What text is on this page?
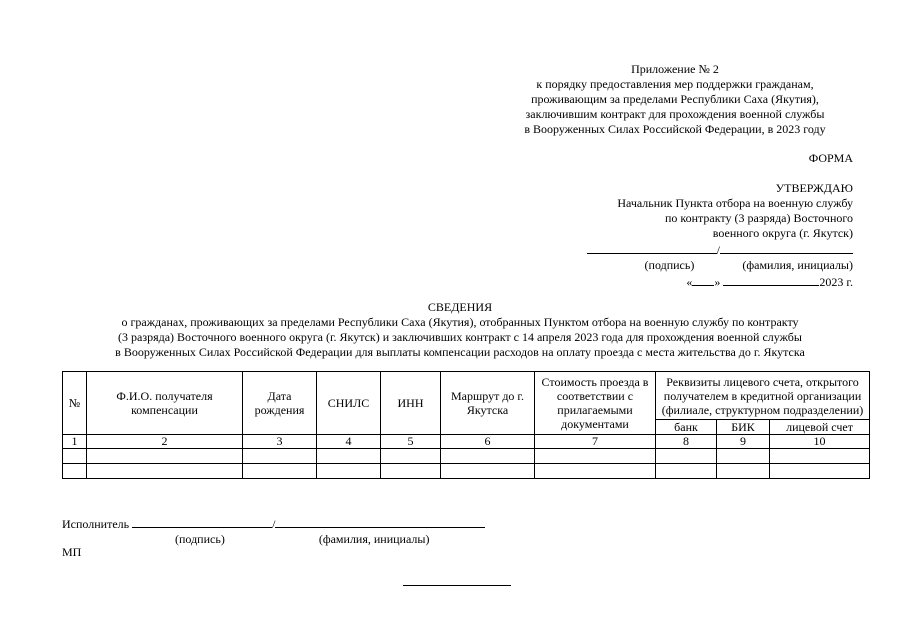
Приложение № 2
к порядку предоставления мер поддержки гражданам,
проживающим за пределами Республики Саха (Якутия),
заключившим контракт для прохождения военной службы
в Вооруженных Силах Российской Федерации, в 2023 году
ФОРМА
УТВЕРЖДАЮ
Начальник Пункта отбора на военную службу
по контракту (3 разряда) Восточного
военного округа (г. Якутск)
/
(подпись)	(фамилия, инициалы)
« »	2023 г.
СВЕДЕНИЯ
о гражданах, проживающих за пределами Республики Саха (Якутия), отобранных Пунктом отбора на военную службу по контракту
(3 разряда) Восточного военного округа (г. Якутск) и заключивших контракт с 14 апреля 2023 года для прохождения военной службы
в Вооруженных Силах Российской Федерации для выплаты компенсации расходов на оплату проезда с места жительства до г. Якутска
№	Ф.И.О. получателя компенсации	Дата рождения	СНИЛС	ИНН	Маршрут до г. Якутска	Стоимость проезда в соответствии с прилагаемыми документами	Реквизиты лицевого счета, открытого получателем в кредитной организации (филиале, структурном подразделении)		
							банк	БИК	лицевой счет
1	2	3	4	5	6	7	8	9	10

Исполнитель	/
(подпись)	(фамилия, инициалы)
МП
